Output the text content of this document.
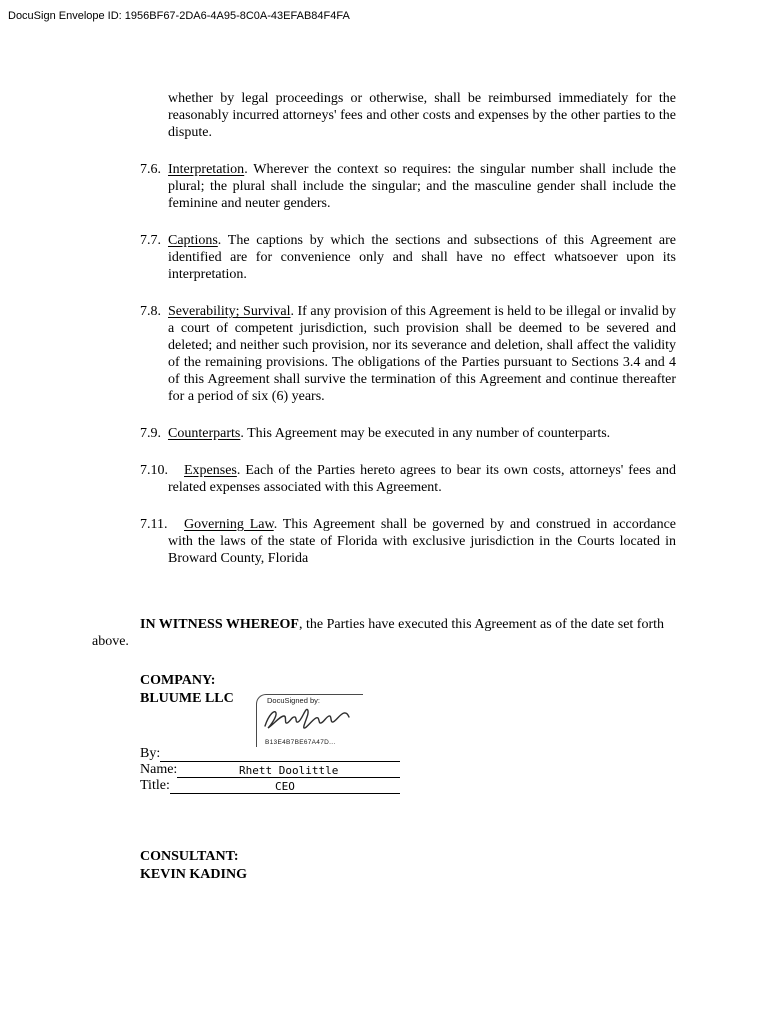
DocuSign Envelope ID: 1956BF67-2DA6-4A95-8C0A-43EFAB84F4FA

whether by legal proceedings or otherwise, shall be reimbursed immediately for the reasonably incurred attorneys' fees and other costs and expenses by the other parties to the dispute.

7.6. Interpretation. Wherever the context so requires: the singular number shall include the plural; the plural shall include the singular; and the masculine gender shall include the feminine and neuter genders.
7.7. Captions. The captions by which the sections and subsections of this Agreement are identified are for convenience only and shall have no effect whatsoever upon its interpretation.
7.8. Severability; Survival. If any provision of this Agreement is held to be illegal or invalid by a court of competent jurisdiction, such provision shall be deemed to be severed and deleted; and neither such provision, nor its severance and deletion, shall affect the validity of the remaining provisions. The obligations of the Parties pursuant to Sections 3.4 and 4 of this Agreement shall survive the termination of this Agreement and continue thereafter for a period of six (6) years.
7.9. Counterparts. This Agreement may be executed in any number of counterparts.
7.10. Expenses. Each of the Parties hereto agrees to bear its own costs, attorneys' fees and related expenses associated with this Agreement.
7.11. Governing Law. This Agreement shall be governed by and construed in accordance with the laws of the state of Florida with exclusive jurisdiction in the Courts located in Broward County, Florida

IN WITNESS WHEREOF, the Parties have executed this Agreement as of the date set forth above.

COMPANY:
BLUUME LLC
By:
Name:	Rhett Doolittle
Title:	CEO
DocuSigned by:
B13E4B7BE67A47D...
CONSULTANT:
KEVIN KADING
